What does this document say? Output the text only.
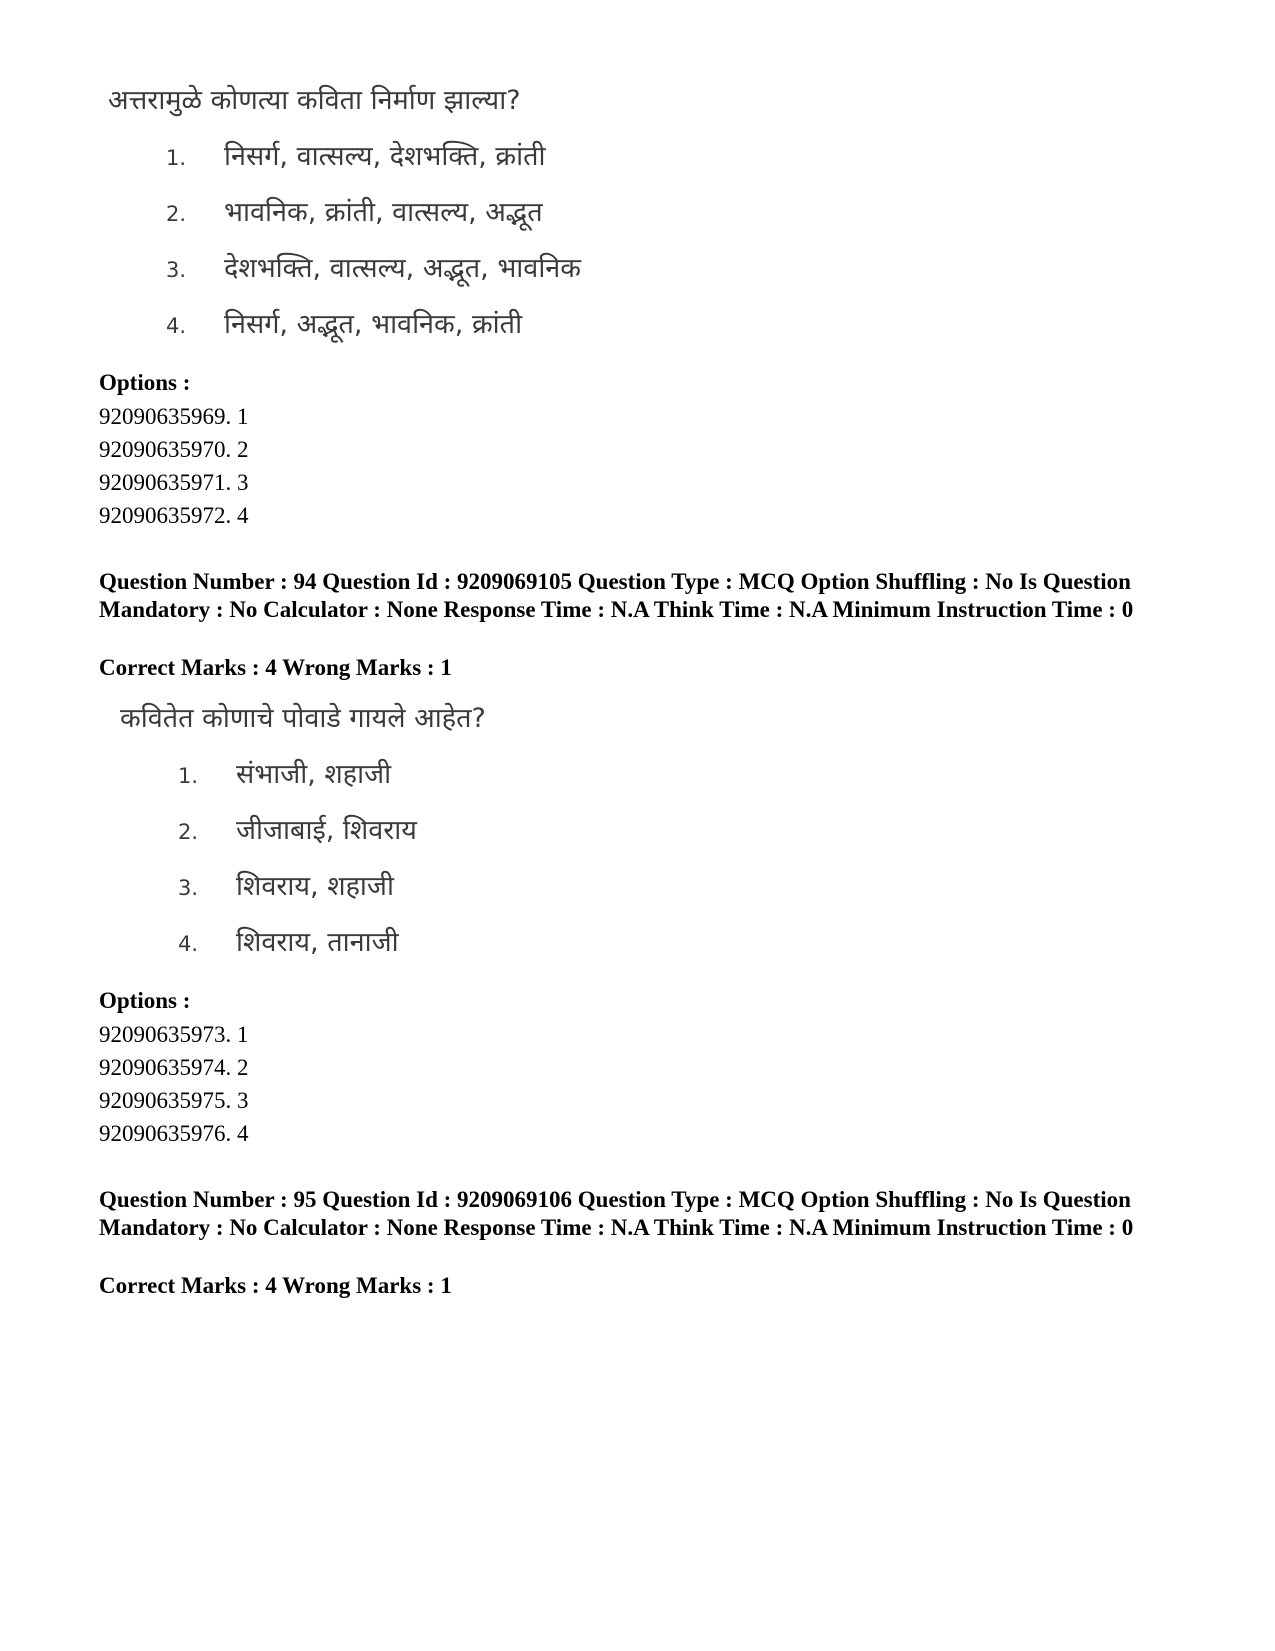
अत्तरामुळे कोणत्या कविता निर्माण झाल्या?
1. निसर्ग, वात्सल्य, देशभक्ति, क्रांती
2. भावनिक, क्रांती, वात्सल्य, अद्भूत
3. देशभक्ति, वात्सल्य, अद्भूत, भावनिक
4. निसर्ग, अद्भूत, भावनिक, क्रांती
Options :
92090635969. 1
92090635970. 2
92090635971. 3
92090635972. 4
Question Number : 94 Question Id : 9209069105 Question Type : MCQ Option Shuffling : No Is Question Mandatory : No Calculator : None Response Time : N.A Think Time : N.A Minimum Instruction Time : 0
Correct Marks : 4 Wrong Marks : 1
कवितेत कोणाचे पोवाडे गायले आहेत?
1. संभाजी, शहाजी
2. जीजाबाई, शिवराय
3. शिवराय, शहाजी
4. शिवराय, तानाजी
Options :
92090635973. 1
92090635974. 2
92090635975. 3
92090635976. 4
Question Number : 95 Question Id : 9209069106 Question Type : MCQ Option Shuffling : No Is Question Mandatory : No Calculator : None Response Time : N.A Think Time : N.A Minimum Instruction Time : 0
Correct Marks : 4 Wrong Marks : 1
